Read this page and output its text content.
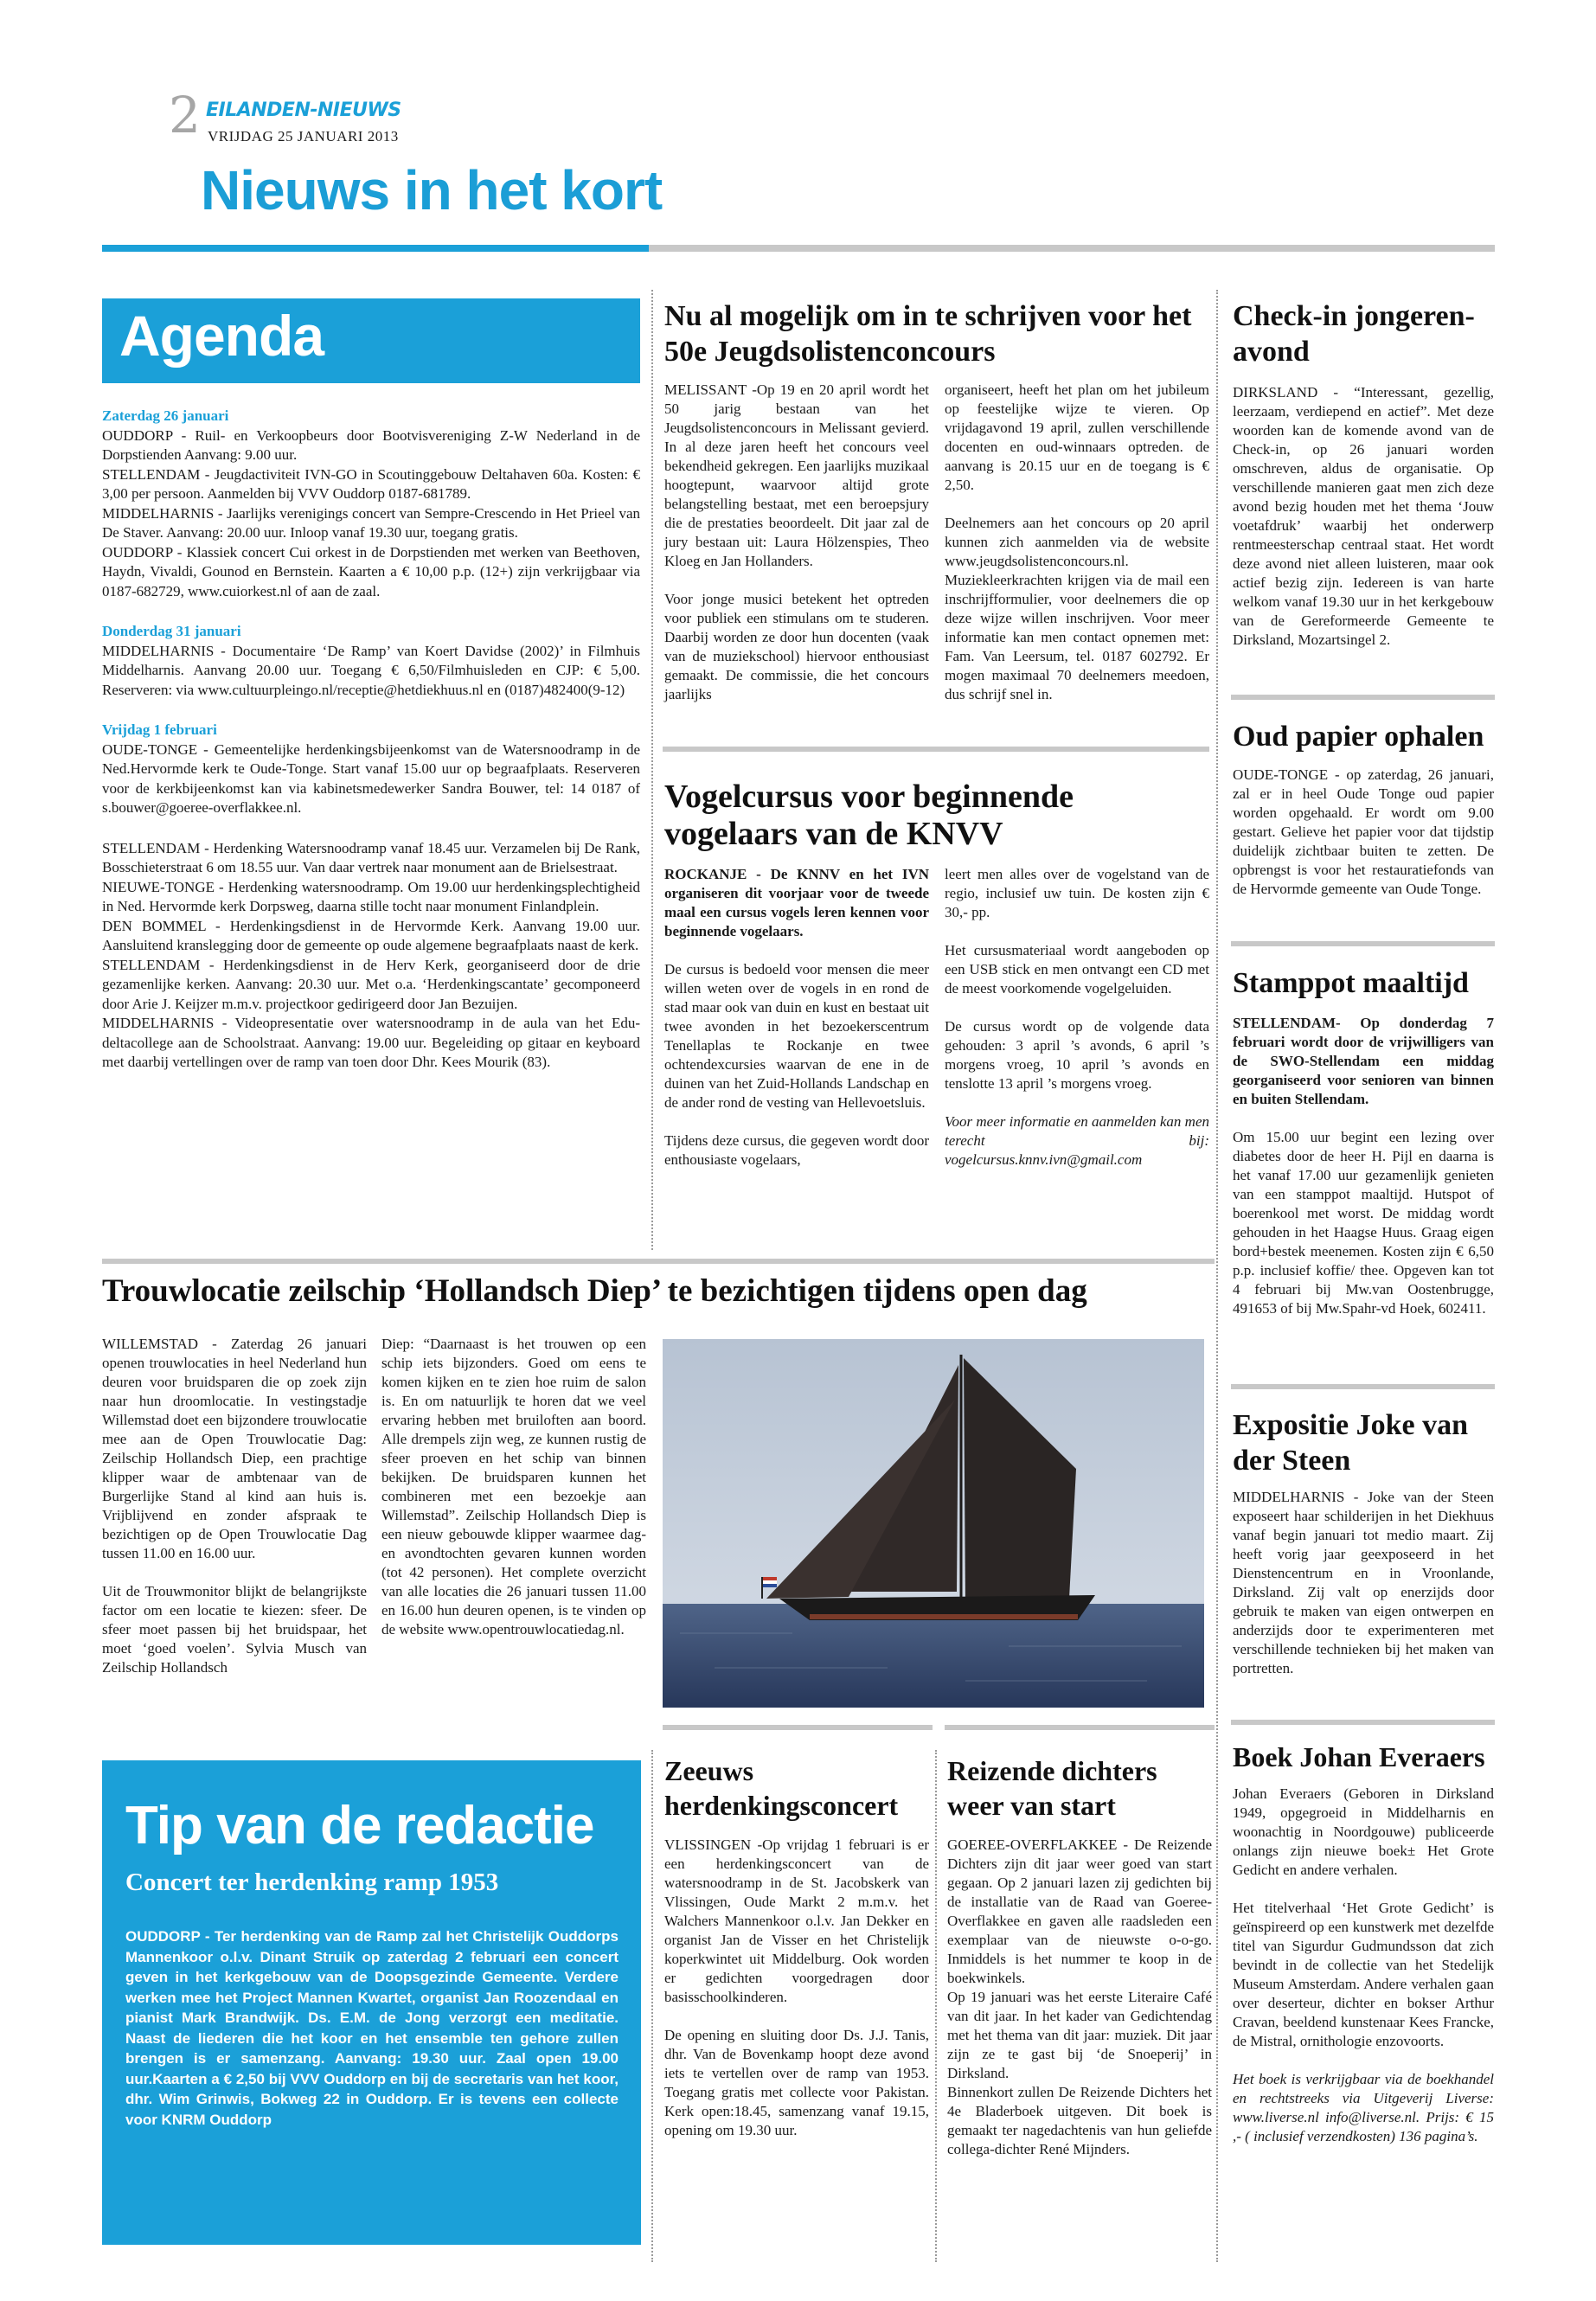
2 EILANDEN-NIEUWS
VRIJDAG 25 JANUARI 2013
Nieuws in het kort
Agenda
Zaterdag 26 januari
OUDDORP - Ruil- en Verkoopbeurs door Bootvisvereniging Z-W Nederland in de Dorpstienden Aanvang: 9.00 uur.
STELLENDAM - Jeugdactiviteit IVN-GO in Scoutinggebouw Deltahaven 60a. Kosten: € 3,00 per persoon. Aanmelden bij VVV Ouddorp 0187-681789.
MIDDELHARNIS - Jaarlijks verenigings concert van Sempre-Crescendo in Het Prieel van De Staver. Aanvang: 20.00 uur. Inloop vanaf 19.30 uur, toegang gratis.
OUDDORP - Klassiek concert Cui orkest in de Dorpstienden met werken van Beethoven, Haydn, Vivaldi, Gounod en Bernstein. Kaarten a € 10,00 p.p. (12+) zijn verkrijgbaar via 0187-682729, www.cuiorkest.nl of aan de zaal.
Donderdag 31 januari
MIDDELHARNIS - Documentaire ‘De Ramp’ van Koert Davidse (2002)’ in Filmhuis Middelharnis. Aanvang 20.00 uur. Toegang € 6,50/Filmhuisleden en CJP: € 5,00. Reserveren: via www.cultuurpleingo.nl/receptie@hetdiekhuus.nl en (0187)482400(9-12)
Vrijdag 1 februari
OUDE-TONGE - Gemeentelijke herdenkingsbijeenkomst van de Watersnoodramp in de Ned.Hervormde kerk te Oude-Tonge. Start vanaf 15.00 uur op begraafplaats. Reserveren voor de kerkbijeenkomst kan via kabinetsmedewerker Sandra Bouwer, tel: 14 0187 of s.bouwer@goeree-overflakkee.nl.
STELLENDAM - Herdenking Watersnoodramp vanaf 18.45 uur. Verzamelen bij De Rank, Bosschieterstraat 6 om 18.55 uur. Van daar vertrek naar monument aan de Brielsestraat.
NIEUWE-TONGE - Herdenking watersnoodramp. Om 19.00 uur herdenkingsplechtigheid in Ned. Hervormde kerk Dorpsweg, daarna stille tocht naar monument Finlandplein.
DEN BOMMEL - Herdenkingsdienst in de Hervormde Kerk. Aanvang 19.00 uur. Aansluitend kranslegging door de gemeente op oude algemene begraafplaats naast de kerk.
STELLENDAM - Herdenkingsdienst in de Herv Kerk, georganiseerd door de drie gezamenlijke kerken. Aanvang: 20.30 uur. Met o.a. ‘Herdenkingscantate’ gecomponeerd door Arie J. Keijzer m.m.v. projectkoor gedirigeerd door Jan Bezuijen.
MIDDELHARNIS - Videopresentatie over watersnoodramp in de aula van het Edu-deltacollege aan de Schoolstraat. Aanvang: 19.00 uur. Begeleiding op gitaar en keyboard met daarbij vertellingen over de ramp van toen door Dhr. Kees Mourik (83).
Nu al mogelijk om in te schrijven voor het 50e Jeugdsolistenconcours

MELISSANT -Op 19 en 20 april wordt het 50 jarig bestaan van het Jeugdsolistenconcours in Melissant gevierd. In al deze jaren heeft het concours veel bekendheid gekregen. Een jaarlijks muzikaal hoogtepunt, waarvoor altijd grote belangstelling bestaat, met een beroepsjury die de prestaties beoordeelt. Dit jaar zal de jury bestaan uit: Laura Hölzenspies, Theo Kloeg en Jan Hollanders.

Voor jonge musici betekent het optreden voor publiek een stimulans om te studeren. Daarbij worden ze door hun docenten (vaak van de muziekschool) hiervoor enthousiast gemaakt. De commissie, die het concours jaarlijks

organiseert, heeft het plan om het jubileum op feestelijke wijze te vieren. Op vrijdagavond 19 april, zullen verschillende docenten en oud-winnaars optreden. de aanvang is 20.15 uur en de toegang is € 2,50.

Deelnemers aan het concours op 20 april kunnen zich aanmelden via de website www.jeugdsolistenconcours.nl. Muziekleerkrachten krijgen via de mail een inschrijfformulier, voor deelnemers die op deze wijze willen inschrijven. Voor meer informatie kan men contact opnemen met: Fam. Van Leersum, tel. 0187 602792. Er mogen maximaal 70 deelnemers meedoen, dus schrijf snel in.

Vogelcursus voor beginnende vogelaars van de KNVV

ROCKANJE - De KNNV en het IVN organiseren dit voorjaar voor de tweede maal een cursus vogels leren kennen voor beginnende vogelaars.

De cursus is bedoeld voor mensen die meer willen weten over de vogels in en rond de stad maar ook van duin en kust en bestaat uit twee avonden in het bezoekerscentrum Tenellaplas te Rockanje en twee ochtendexcursies waarvan de ene in de duinen van het Zuid-Hollands Landschap en de ander rond de vesting van Hellevoetsluis.

Tijdens deze cursus, die gegeven wordt door enthousiaste vogelaars,

leert men alles over de vogelstand van de regio, inclusief uw tuin. De kosten zijn € 30,- pp.

Het cursusmateriaal wordt aangeboden op een USB stick en men ontvangt een CD met de meest voorkomende vogelgeluiden.

De cursus wordt op de volgende data gehouden: 3 april ’s avonds, 6 april ’s morgens vroeg, 10 april ’s avonds en tenslotte 13 april ’s morgens vroeg.

Voor meer informatie en aanmelden kan men terecht bij: vogelcursus.knnv.ivn@gmail.com

Check-in jongeren-avond
DIRKSLAND - “Interessant, gezellig, leerzaam, verdiepend en actief”. Met deze woorden kan de komende avond van de Check-in, op 26 januari worden omschreven, aldus de organisatie. Op verschillende manieren gaat men zich deze avond bezig houden met het thema ‘Jouw voetafdruk’ waarbij het onderwerp rentmeesterschap centraal staat. Het wordt deze avond niet alleen luisteren, maar ook actief bezig zijn. Iedereen is van harte welkom vanaf 19.30 uur in het kerkgebouw van de Gereformeerde Gemeente te Dirksland, Mozartsingel 2.
Oud papier ophalen
OUDE-TONGE - op zaterdag, 26 januari, zal er in heel Oude Tonge oud papier worden opgehaald. Er wordt om 9.00 gestart. Gelieve het papier voor dat tijdstip duidelijk zichtbaar buiten te zetten. De opbrengst is voor het restauratiefonds van de Hervormde gemeente van Oude Tonge.
Stamppot maaltijd

STELLENDAM- Op donderdag 7 februari wordt door de vrijwilligers van de SWO-Stellendam een middag georganiseerd voor senioren van binnen en buiten Stellendam.

Om 15.00 uur begint een lezing over diabetes door de heer H. Pijl en daarna is het vanaf 17.00 uur gezamenlijk genieten van een stamppot maaltijd. Hutspot of boerenkool met worst. De middag wordt gehouden in het Haagse Huus. Graag eigen bord+bestek meenemen. Kosten zijn € 6,50 p.p. inclusief koffie/ thee. Opgeven kan tot 4 februari bij Mw.van Oostenbrugge, 491653 of bij Mw.Spahr-vd Hoek, 602411.

Expositie Joke van der Steen
MIDDELHARNIS - Joke van der Steen exposeert haar schilderijen in het Diekhuus vanaf begin januari tot medio maart. Zij heeft vorig jaar geexposeerd in het Dienstencentrum en in Vroonlande, Dirksland. Zij valt op enerzijds door gebruik te maken van eigen ontwerpen en anderzijds door te experimenteren met verschillende technieken bij het maken van portretten.
Trouwlocatie zeilschip ‘Hollandsch Diep’ te bezichtigen tijdens open dag

WILLEMSTAD - Zaterdag 26 januari openen trouwlocaties in heel Nederland hun deuren voor bruidsparen die op zoek zijn naar hun droomlocatie. In vestingstadje Willemstad doet een bijzondere trouwlocatie mee aan de Open Trouwlocatie Dag: Zeilschip Hollandsch Diep, een prachtige klipper waar de ambtenaar van de Burgerlijke Stand al kind aan huis is. Vrijblijvend en zonder afspraak te bezichtigen op de Open Trouwlocatie Dag tussen 11.00 en 16.00 uur.

Uit de Trouwmonitor blijkt de belangrijkste factor om een locatie te kiezen: sfeer. De sfeer moet passen bij het bruidspaar, het moet ‘goed voelen’. Sylvia Musch van Zeilschip Hollandsch

Diep: “Daarnaast is het trouwen op een schip iets bijzonders. Goed om eens te komen kijken en te zien hoe ruim de salon is. En om natuurlijk te horen dat we veel ervaring hebben met bruiloften aan boord. Alle drempels zijn weg, ze kunnen rustig de sfeer proeven en het schip van binnen bekijken. De bruidsparen kunnen het combineren met een bezoekje aan Willemstad”. Zeilschip Hollandsch Diep is een nieuw gebouwde klipper waarmee dag- en avondtochten gevaren kunnen worden (tot 42 personen). Het complete overzicht van alle locaties die 26 januari tussen 11.00 en 16.00 hun deuren openen, is te vinden op de website www.opentrouwlocatiedag.nl.

Tip van de redactie
Concert ter herdenking ramp 1953
OUDDORP - Ter herdenking van de Ramp zal het Christelijk Ouddorps Mannenkoor o.l.v. Dinant Struik op zaterdag 2 februari een concert geven in het kerkgebouw van de Doopsgezinde Gemeente. Verdere werken mee het Project Mannen Kwartet, organist Jan Roozendaal en pianist Mark Brandwijk. Ds. E.M. de Jong verzorgt een meditatie. Naast de liederen die het koor en het ensemble ten gehore zullen brengen is er samenzang. Aanvang: 19.30 uur. Zaal open 19.00 uur.Kaarten a € 2,50 bij VVV Ouddorp en bij de secretaris van het koor, dhr. Wim Grinwis, Bokweg 22 in Ouddorp. Er is tevens een collecte voor KNRM Ouddorp
Zeeuws herdenkingsconcert

VLISSINGEN -Op vrijdag 1 februari is er een herdenkingsconcert van de watersnoodramp in de St. Jacobskerk van Vlissingen, Oude Markt 2 m.m.v. het Walchers Mannenkoor o.l.v. Jan Dekker en organist Jan de Visser en het Christelijk koperkwintet uit Middelburg. Ook worden er gedichten voorgedragen door basisschoolkinderen.

De opening en sluiting door Ds. J.J. Tanis, dhr. Van de Bovenkamp hoopt deze avond iets te vertellen over de ramp van 1953. Toegang gratis met collecte voor Pakistan. Kerk open:18.45, samenzang vanaf 19.15, opening om 19.30 uur.

Reizende dichters weer van start

GOEREE-OVERFLAKKEE - De Reizende Dichters zijn dit jaar weer goed van start gegaan. Op 2 januari lazen zij gedichten bij de installatie van de Raad van Goeree-Overflakkee en gaven alle raadsleden een exemplaar van de nieuwste o-o-go. Inmiddels is het nummer te koop in de boekwinkels.

Op 19 januari was het eerste Literaire Café van dit jaar. In het kader van Gedichtendag met het thema van dit jaar: muziek. Dit jaar zijn ze te gast bij ‘de Snoeperij’ in Dirksland.
Binnenkort zullen De Reizende Dichters het 4e Bladerboek uitgeven. Dit boek is gemaakt ter nagedachtenis van hun geliefde collega-dichter René Mijnders.

Boek Johan Everaers

Johan Everaers (Geboren in Dirksland 1949, opgegroeid in Middelharnis en woonachtig in Noordgouwe) publiceerde onlangs zijn nieuwe boek± Het Grote Gedicht en andere verhalen.

Het titelverhaal ‘Het Grote Gedicht’ is geïnspireerd op een kunstwerk met dezelfde titel van Sigurdur Gudmundsson dat zich bevindt in de collectie van het Stedelijk Museum Amsterdam. Andere verhalen gaan over deserteur, dichter en bokser Arthur Cravan, beeldend kunstenaar Kees Francke, de Mistral, ornithologie enzovoorts.

Het boek is verkrijgbaar via de boekhandel en rechtstreeks via Uitgeverij Liverse: www.liverse.nl info@liverse.nl. Prijs: € 15 ,- ( inclusief verzendkosten) 136 pagina’s.
